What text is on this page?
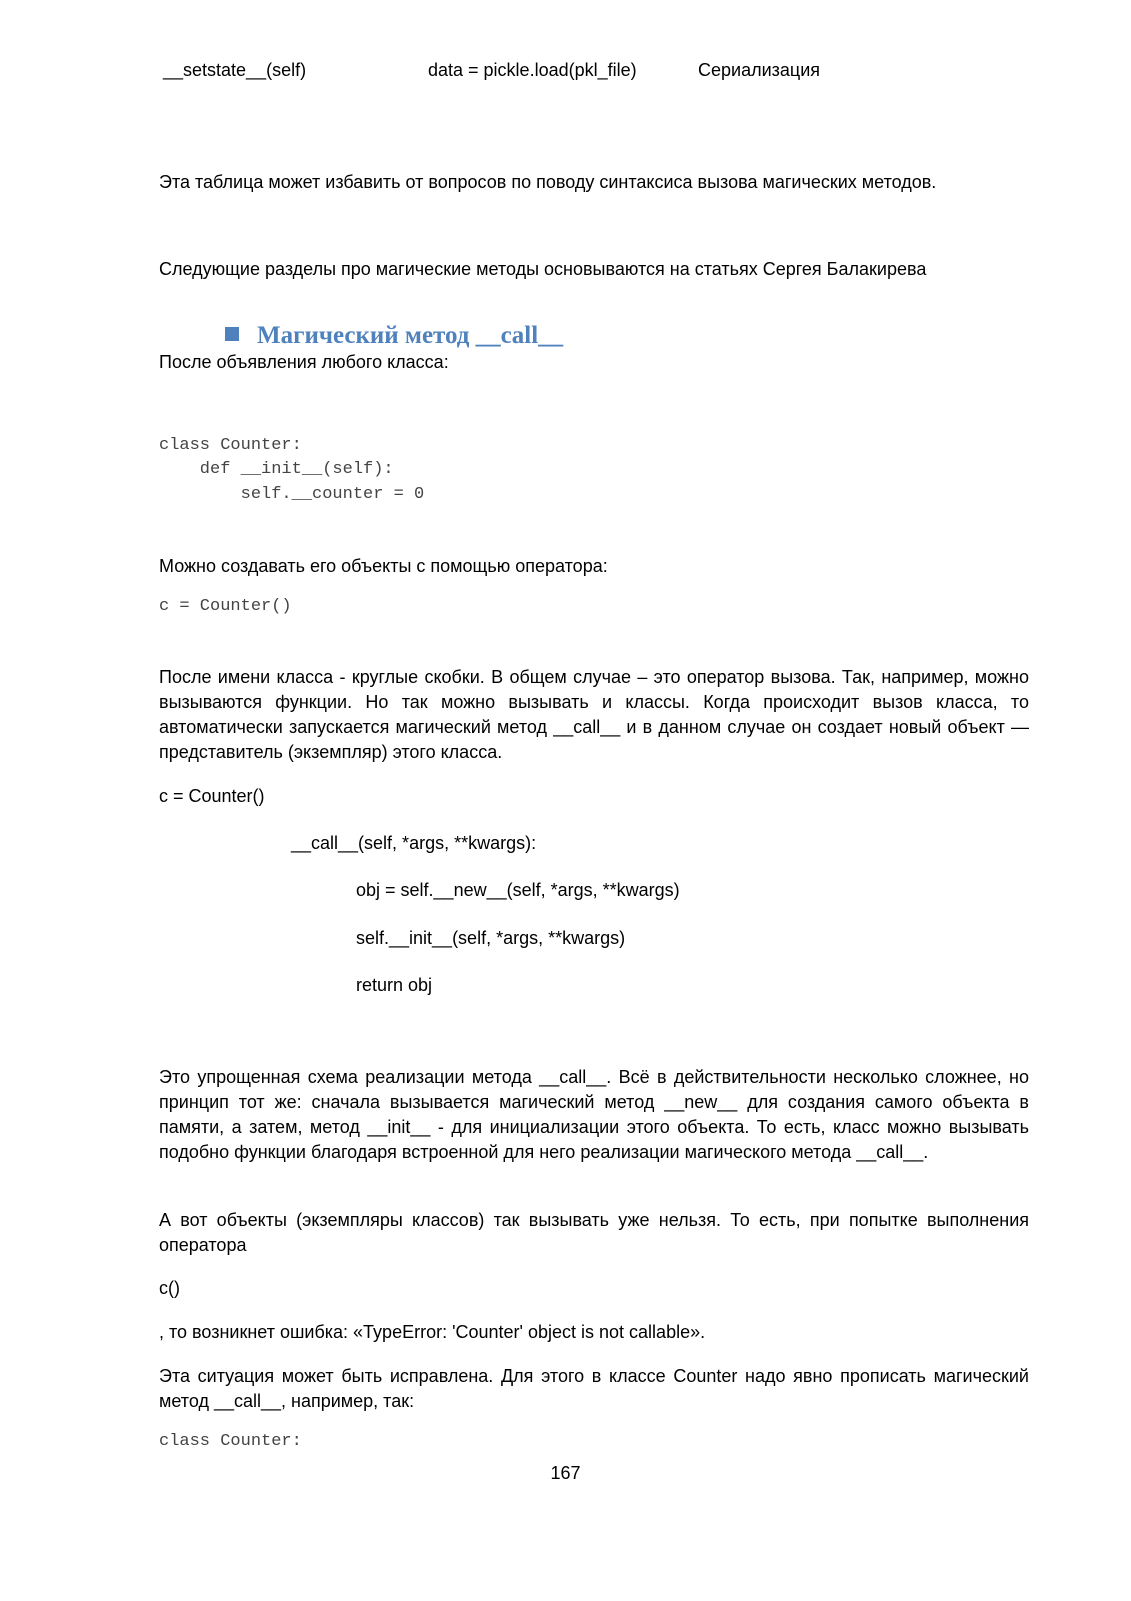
__setstate__(self)	data = pickle.load(pkl_file)	Сериализация
Эта таблица может избавить от вопросов по поводу синтаксиса вызова магических методов.
Следующие разделы про магические методы основываются на статьях Сергея Балакирева
Магический метод __call__
После объявления любого класса:
class Counter:
def __init__(self):
self.__counter = 0
Можно создавать его объекты с помощью оператора:
c = Counter()
После имени класса - круглые скобки. В общем случае – это оператор вызова. Так, например, можно вызываются функции. Но так можно вызывать и классы. Когда происходит вызов класса, то автоматически запускается магический метод __call__ и в данном случае он создает новый объект — представитель (экземпляр) этого класса.
c = Counter()
__call__(self, *args, **kwargs):
obj = self.__new__(self, *args, **kwargs)
self.__init__(self, *args, **kwargs)
return obj
Это упрощенная схема реализации метода __call__. Всё в действительности несколько сложнее, но принцип тот же: сначала вызывается магический метод __new__ для создания самого объекта в памяти, а затем, метод __init__ - для инициализации этого объекта. То есть, класс можно вызывать подобно функции благодаря встроенной для него реализации магического метода __call__.
А вот объекты (экземпляры классов) так вызывать уже нельзя. То есть, при попытке выполнения оператора
c()
, то возникнет ошибка: «TypeError: 'Counter' object is not callable».
Эта ситуация может быть исправлена. Для этого в классе Counter надо явно прописать магический метод __call__, например, так:
class Counter:
167
